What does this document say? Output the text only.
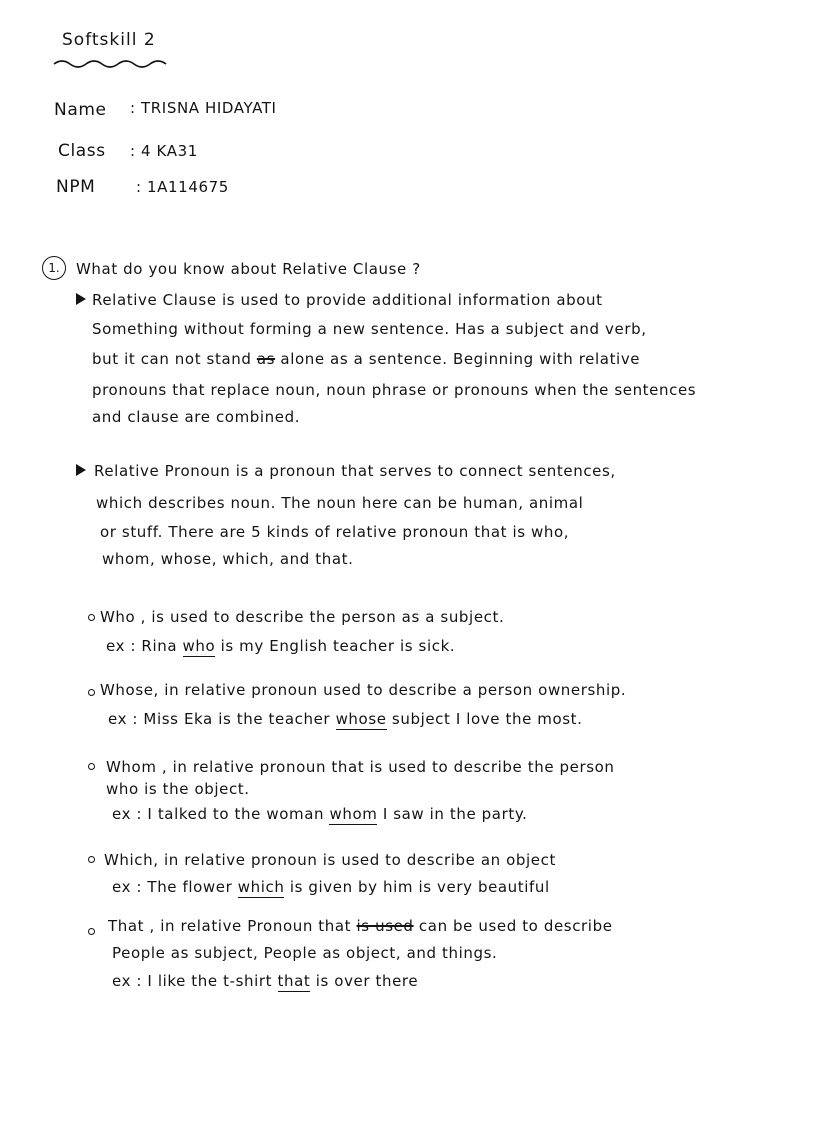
Softskill 2
Name : TRISNA HIDAYATI
Class : 4 KA31
NPM	: 1A114675
1.	What do you know about Relative Clause ?
Relative Clause is used to provide additional information about
Something without forming a new sentence. Has a subject and verb,
but it can not stand as alone as a sentence. Beginning with relative
pronouns that replace noun, noun phrase or pronouns when the sentences
and clause are combined.
Relative Pronoun is a pronoun that serves to connect sentences,
which describes noun. The noun here can be human, animal
or stuff. There are 5 kinds of relative pronoun that is who,
whom, whose, which, and that.
Who , is used to describe the person as a subject.
ex : Rina who is my English teacher is sick.
Whose, in relative pronoun used to describe a person ownership.
ex : Miss Eka is the teacher whose subject I love the most.
Whom , in relative pronoun that is used to describe the person
who is the object.
ex : I talked to the woman whom I saw in the party.
Which, in relative pronoun is used to describe an object
ex : The flower which is given by him is very beautiful
That , in relative Pronoun that is used can be used to describe
People as subject, People as object, and things.
ex : I like the t-shirt that is over there
